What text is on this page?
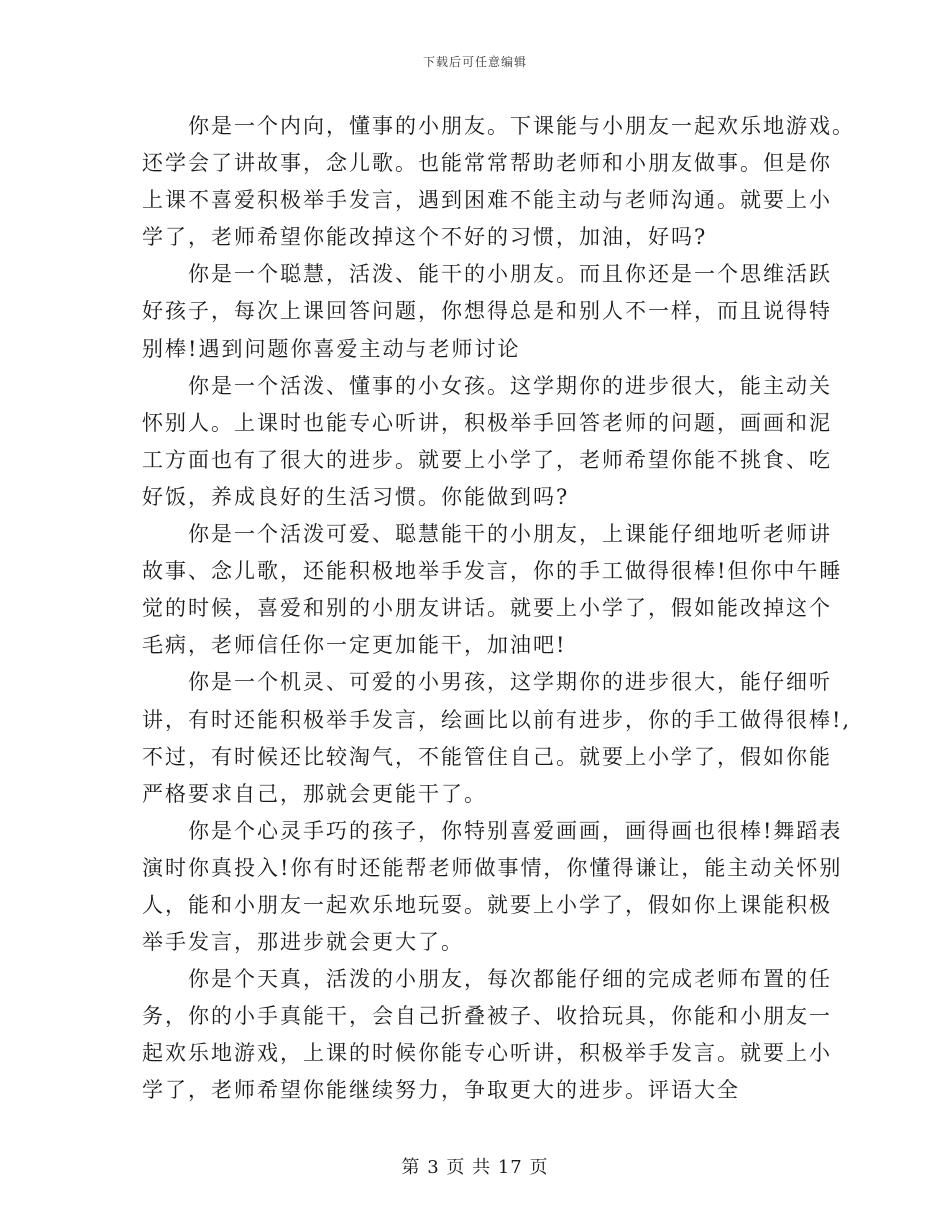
下载后可任意编辑
你是一个内向，懂事的小朋友。下课能与小朋友一起欢乐地游戏。
还学会了讲故事，念儿歌。也能常常帮助老师和小朋友做事。但是你
上课不喜爱积极举手发言，遇到困难不能主动与老师沟通。就要上小
学了，老师希望你能改掉这个不好的习惯，加油，好吗?
你是一个聪慧，活泼、能干的小朋友。而且你还是一个思维活跃
好孩子，每次上课回答问题，你想得总是和别人不一样，而且说得特
别棒!遇到问题你喜爱主动与老师讨论
你是一个活泼、懂事的小女孩。这学期你的进步很大，能主动关
怀别人。上课时也能专心听讲，积极举手回答老师的问题，画画和泥
工方面也有了很大的进步。就要上小学了，老师希望你能不挑食、吃
好饭，养成良好的生活习惯。你能做到吗?
你是一个活泼可爱、聪慧能干的小朋友，上课能仔细地听老师讲
故事、念儿歌，还能积极地举手发言，你的手工做得很棒!但你中午睡
觉的时候，喜爱和别的小朋友讲话。就要上小学了，假如能改掉这个
毛病，老师信任你一定更加能干，加油吧!
你是一个机灵、可爱的小男孩，这学期你的进步很大，能仔细听
讲，有时还能积极举手发言，绘画比以前有进步，你的手工做得很棒!,
不过，有时候还比较淘气，不能管住自己。就要上小学了，假如你能
严格要求自己，那就会更能干了。
你是个心灵手巧的孩子，你特别喜爱画画，画得画也很棒!舞蹈表
演时你真投入!你有时还能帮老师做事情，你懂得谦让，能主动关怀别
人，能和小朋友一起欢乐地玩耍。就要上小学了，假如你上课能积极
举手发言，那进步就会更大了。
你是个天真，活泼的小朋友，每次都能仔细的完成老师布置的任
务，你的小手真能干，会自己折叠被子、收拾玩具，你能和小朋友一
起欢乐地游戏，上课的时候你能专心听讲，积极举手发言。就要上小
学了，老师希望你能继续努力，争取更大的进步。评语大全
第 3 页 共 17 页
